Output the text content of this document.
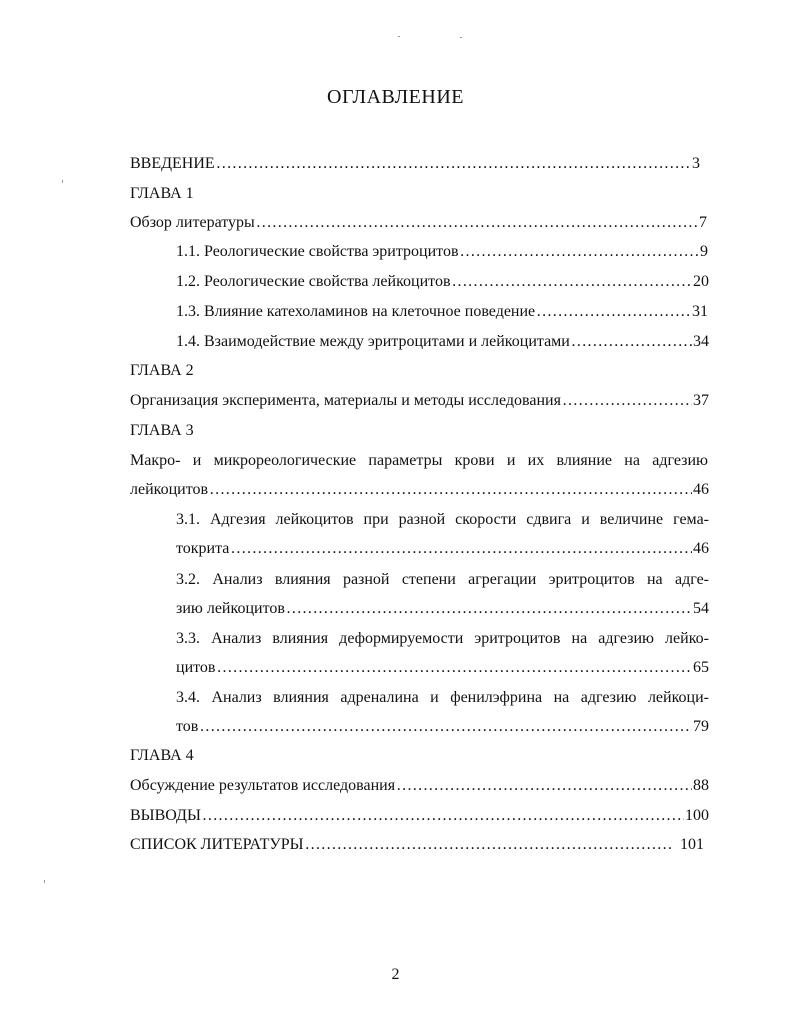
ОГЛАВЛЕНИЕ
ВВЕДЕНИЕ …………………………………………………………………………………………………………………………………………………………………	3
ГЛАВА 1
Обзор литературы …………………………………………………………………………………………………………………………………………………………………	7
1.1. Реологические свойства эритроцитов …………………………………………………………………………………………………………………………………………………………………	9
1.2. Реологические свойства лейкоцитов …………………………………………………………………………………………………………………………………………………………………	20
1.3. Влияние катехоламинов на клеточное поведение …………………………………………………………………………………………………………………………………………………………………	31
1.4. Взаимодействие между эритроцитами и лейкоцитами …………………………………………………………………………………………………………………………………………………………………	34
ГЛАВА 2
Организация эксперимента, материалы и методы исследования …………………………………………………………………………………………………………………………………………………………………	37
ГЛАВА 3
Макро- и микрореологические параметры крови и их влияние на адгезию
лейкоцитов …………………………………………………………………………………………………………………………………………………………………	46
3.1. Адгезия лейкоцитов при разной скорости сдвига и величине гема-
токрита …………………………………………………………………………………………………………………………………………………………………	46
3.2. Анализ влияния разной степени агрегации эритроцитов на адге-
зию лейкоцитов …………………………………………………………………………………………………………………………………………………………………	54
3.3. Анализ влияния деформируемости эритроцитов на адгезию лейко-
цитов …………………………………………………………………………………………………………………………………………………………………	65
3.4. Анализ влияния адреналина и фенилэфрина на адгезию лейкоци-
тов …………………………………………………………………………………………………………………………………………………………………	79
ГЛАВА 4
Обсуждение результатов исследования …………………………………………………………………………………………………………………………………………………………………	88
ВЫВОДЫ …………………………………………………………………………………………………………………………………………………………………	100
СПИСОК ЛИТЕРАТУРЫ …………………………………………………………………………………………………………………………………………………………………	101
2
